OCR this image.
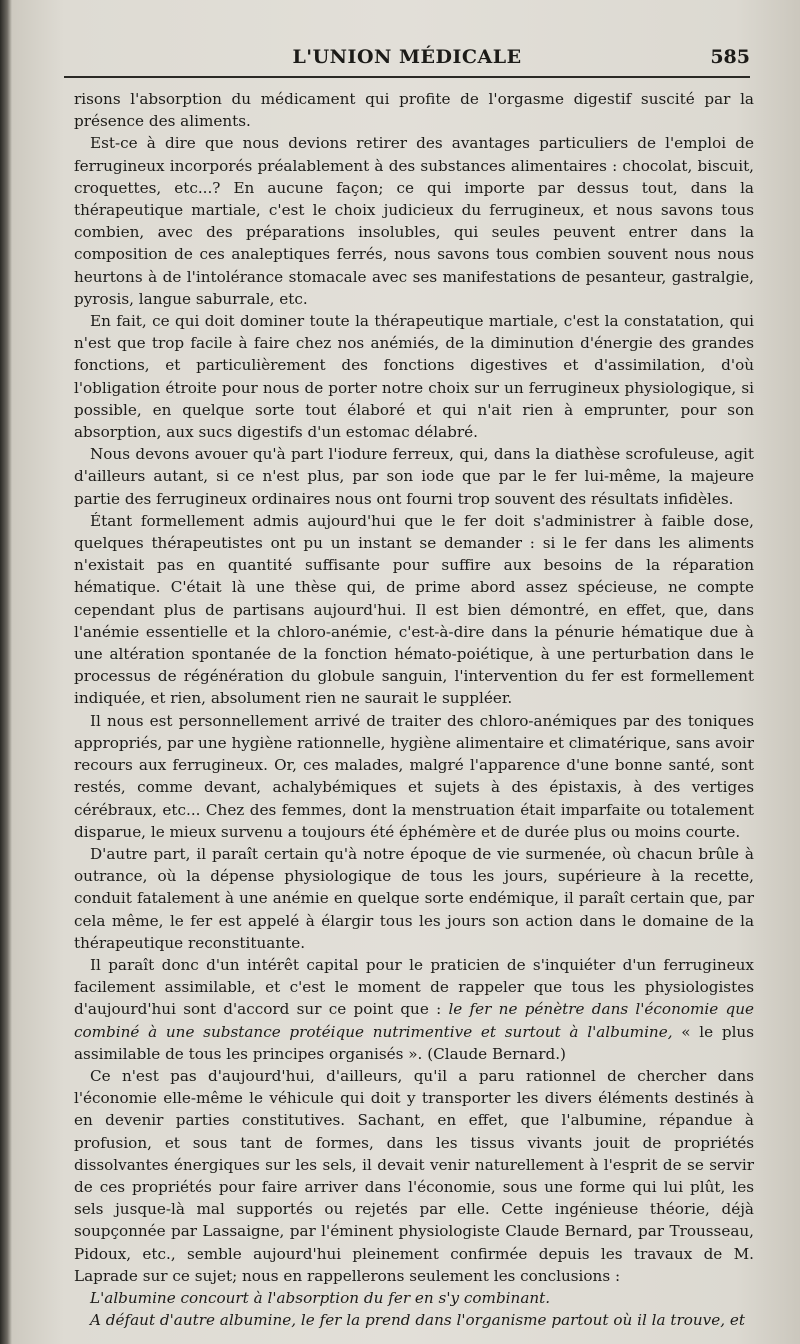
L'UNION MÉDICALE	585

risons l'absorption du médicament qui profite de l'orgasme digestif suscité par la présence des aliments.

Est-ce à dire que nous devions retirer des avantages particuliers de l'emploi de ferrugineux incorporés préalablement à des substances alimentaires : chocolat, biscuit, croquettes, etc...? En aucune façon; ce qui importe par dessus tout, dans la thérapeutique martiale, c'est le choix judicieux du ferrugineux, et nous savons tous combien, avec des préparations insolubles, qui seules peuvent entrer dans la composition de ces analeptiques ferrés, nous savons tous combien souvent nous nous heurtons à de l'intolérance stomacale avec ses manifestations de pesanteur, gastralgie, pyrosis, langue saburrale, etc.

En fait, ce qui doit dominer toute la thérapeutique martiale, c'est la constatation, qui n'est que trop facile à faire chez nos anémiés, de la diminution d'énergie des grandes fonctions, et particulièrement des fonctions digestives et d'assimilation, d'où l'obligation étroite pour nous de porter notre choix sur un ferrugineux physiologique, si possible, en quelque sorte tout élaboré et qui n'ait rien à emprunter, pour son absorption, aux sucs digestifs d'un estomac délabré.

Nous devons avouer qu'à part l'iodure ferreux, qui, dans la diathèse scrofuleuse, agit d'ailleurs autant, si ce n'est plus, par son iode que par le fer lui-même, la majeure partie des ferrugineux ordinaires nous ont fourni trop souvent des résultats infidèles.

Étant formellement admis aujourd'hui que le fer doit s'administrer à faible dose, quelques thérapeutistes ont pu un instant se demander : si le fer dans les aliments n'existait pas en quantité suffisante pour suffire aux besoins de la réparation hématique. C'était là une thèse qui, de prime abord assez spécieuse, ne compte cependant plus de partisans aujourd'hui. Il est bien démontré, en effet, que, dans l'anémie essentielle et la chloro-anémie, c'est-à-dire dans la pénurie hématique due à une altération spontanée de la fonction hémato-poiétique, à une perturbation dans le processus de régénération du globule sanguin, l'intervention du fer est formellement indiquée, et rien, absolument rien ne saurait le suppléer.

Il nous est personnellement arrivé de traiter des chloro-anémiques par des toniques appropriés, par une hygiène rationnelle, hygiène alimentaire et climatérique, sans avoir recours aux ferrugineux. Or, ces malades, malgré l'apparence d'une bonne santé, sont restés, comme devant, achalybémiques et sujets à des épistaxis, à des vertiges cérébraux, etc... Chez des femmes, dont la menstruation était imparfaite ou totalement disparue, le mieux survenu a toujours été éphémère et de durée plus ou moins courte.

D'autre part, il paraît certain qu'à notre époque de vie surmenée, où chacun brûle à outrance, où la dépense physiologique de tous les jours, supérieure à la recette, conduit fatalement à une anémie en quelque sorte endémique, il paraît certain que, par cela même, le fer est appelé à élargir tous les jours son action dans le domaine de la thérapeutique reconstituante.

Il paraît donc d'un intérêt capital pour le praticien de s'inquiéter d'un ferrugineux facilement assimilable, et c'est le moment de rappeler que tous les physiologistes d'aujourd'hui sont d'accord sur ce point que : le fer ne pénètre dans l'économie que combiné à une substance protéique nutrimentive et surtout à l'albumine, « le plus assimilable de tous les principes organisés ». (Claude Bernard.)

Ce n'est pas d'aujourd'hui, d'ailleurs, qu'il a paru rationnel de chercher dans l'économie elle-même le véhicule qui doit y transporter les divers éléments destinés à en devenir parties constitutives. Sachant, en effet, que l'albumine, répandue à profusion, et sous tant de formes, dans les tissus vivants jouit de propriétés dissolvantes énergiques sur les sels, il devait venir naturellement à l'esprit de se servir de ces propriétés pour faire arriver dans l'économie, sous une forme qui lui plût, les sels jusque-là mal supportés ou rejetés par elle. Cette ingénieuse théorie, déjà soupçonnée par Lassaigne, par l'éminent physiologiste Claude Bernard, par Trousseau, Pidoux, etc., semble aujourd'hui pleinement confirmée depuis les travaux de M. Laprade sur ce sujet; nous en rappellerons seulement les conclusions :

L'albumine concourt à l'absorption du fer en s'y combinant.

A défaut d'autre albumine, le fer la prend dans l'organisme partout où il la trouve, et
